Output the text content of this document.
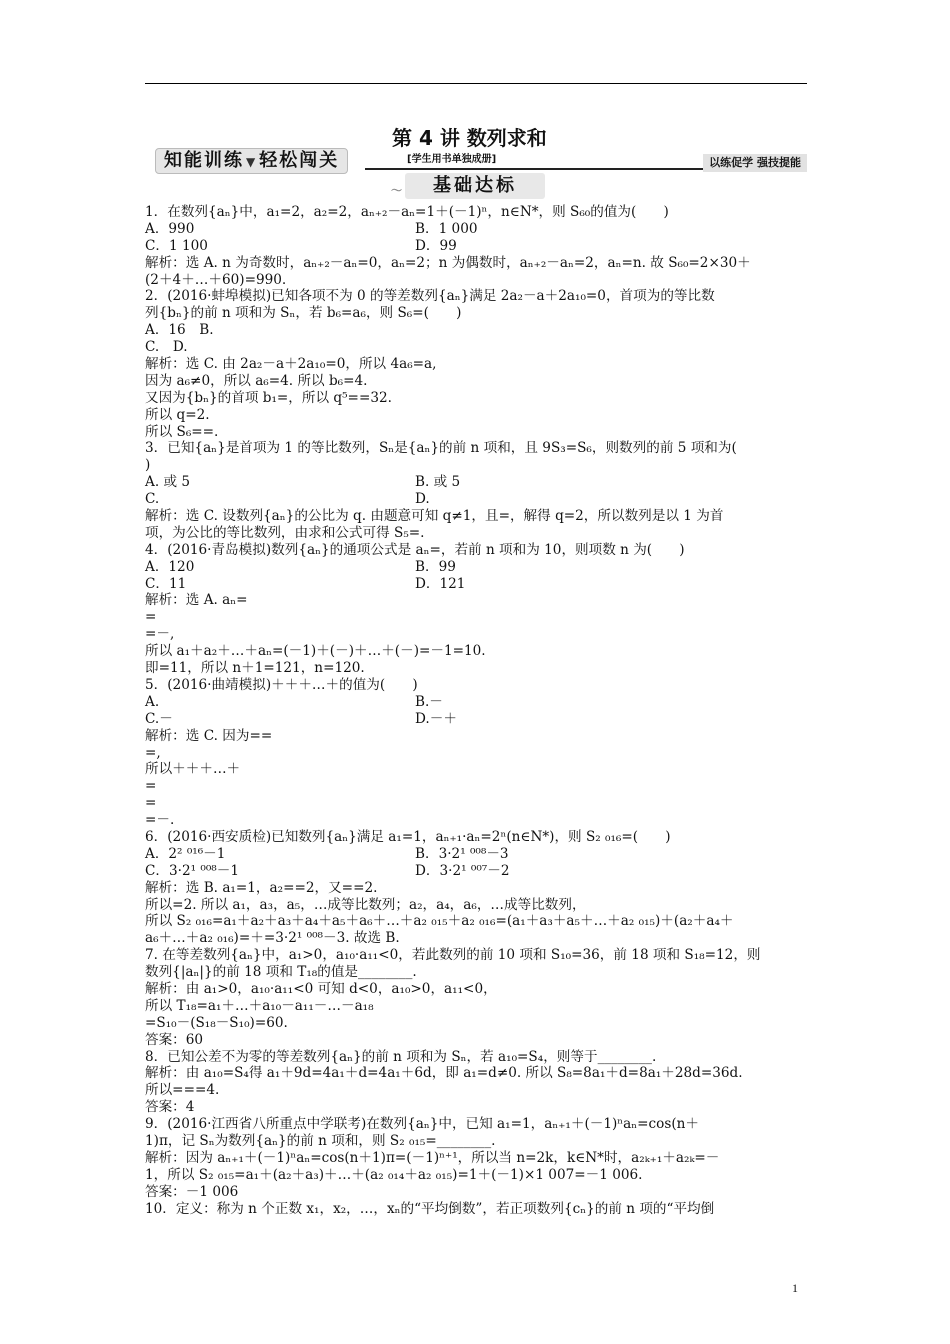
知能训练 ▼ 轻松闯关
第 4 讲 数列求和
[学生用书单独成册]	以练促学 强技提能
〜 基础达标
1．在数列{aₙ}中，a₁=2，a₂=2，aₙ₊₂－aₙ=1＋(－1)ⁿ，n∈N*，则 S₆₀的值为(　　)
A．990	B．1 000
C．1 100	D．99
解析：选 A. n 为奇数时，aₙ₊₂－aₙ=0，aₙ=2；n 为偶数时，aₙ₊₂－aₙ=2，aₙ=n. 故 S₆₀=2×30＋
(2＋4＋…＋60)=990.
2．(2016·蚌埠模拟)已知各项不为 0 的等差数列{aₙ}满足 2a₂－a＋2a₁₀=0，首项为的等比数
列{bₙ}的前 n 项和为 Sₙ，若 b₆=a₆，则 S₆=(　　)
A．16　B.
C.　D.
解析：选 C. 由 2a₂－a＋2a₁₀=0，所以 4a₆=a,
因为 a₆≠0，所以 a₆=4. 所以 b₆=4.
又因为{bₙ}的首项 b₁=，所以 q⁵==32.
所以 q=2.
所以 S₆==.
3．已知{aₙ}是首项为 1 的等比数列，Sₙ是{aₙ}的前 n 项和，且 9S₃=S₆，则数列的前 5 项和为(
)
A. 或 5	B. 或 5
C.	D.
解析：选 C. 设数列{aₙ}的公比为 q. 由题意可知 q≠1，且=，解得 q=2，所以数列是以 1 为首
项，为公比的等比数列，由求和公式可得 S₅=.
4．(2016·青岛模拟)数列{aₙ}的通项公式是 aₙ=，若前 n 项和为 10，则项数 n 为(　　)
A．120	B．99
C．11	D．121
解析：选 A. aₙ=
=
=－,
所以 a₁＋a₂＋…＋aₙ=(－1)＋(－)＋…＋(－)=－1=10.
即=11，所以 n＋1=121，n=120.
5．(2016·曲靖模拟)＋＋＋…＋的值为(　　)
A.	B.－
C.－	D.－＋
解析：选 C. 因为==
=,
所以＋＋＋…＋
=
=
=－.
6．(2016·西安质检)已知数列{aₙ}满足 a₁=1，aₙ₊₁·aₙ=2ⁿ(n∈N*)，则 S₂ ₀₁₆=(　　)
A．2² ⁰¹⁶－1	B．3·2¹ ⁰⁰⁸－3
C．3·2¹ ⁰⁰⁸－1	D．3·2¹ ⁰⁰⁷－2
解析：选 B. a₁=1，a₂==2，又==2.
所以=2. 所以 a₁，a₃，a₅，…成等比数列；a₂，a₄，a₆，…成等比数列，
所以 S₂ ₀₁₆=a₁＋a₂＋a₃＋a₄＋a₅＋a₆＋…＋a₂ ₀₁₅＋a₂ ₀₁₆=(a₁＋a₃＋a₅＋…＋a₂ ₀₁₅)＋(a₂＋a₄＋
a₆＋…＋a₂ ₀₁₆)=＋=3·2¹ ⁰⁰⁸－3. 故选 B.
7. 在等差数列{aₙ}中，a₁>0，a₁₀·a₁₁<0，若此数列的前 10 项和 S₁₀=36，前 18 项和 S₁₈=12，则
数列{|aₙ|}的前 18 项和 T₁₈的值是________.
解析：由 a₁>0，a₁₀·a₁₁<0 可知 d<0，a₁₀>0，a₁₁<0，
所以 T₁₈=a₁＋…＋a₁₀－a₁₁－…－a₁₈
=S₁₀－(S₁₈－S₁₀)=60.
答案：60
8．已知公差不为零的等差数列{aₙ}的前 n 项和为 Sₙ，若 a₁₀=S₄，则等于________.
解析：由 a₁₀=S₄得 a₁＋9d=4a₁＋d=4a₁＋6d，即 a₁=d≠0. 所以 S₈=8a₁＋d=8a₁＋28d=36d.
所以===4.
答案：4
9．(2016·江西省八所重点中学联考)在数列{aₙ}中，已知 a₁=1，aₙ₊₁＋(－1)ⁿaₙ=cos(n＋
1)π，记 Sₙ为数列{aₙ}的前 n 项和，则 S₂ ₀₁₅=________.
解析：因为 aₙ₊₁＋(－1)ⁿaₙ=cos(n＋1)π=(－1)ⁿ⁺¹，所以当 n=2k，k∈N*时，a₂ₖ₊₁＋a₂ₖ=－
1，所以 S₂ ₀₁₅=a₁＋(a₂＋a₃)＋…＋(a₂ ₀₁₄＋a₂ ₀₁₅)=1＋(－1)×1 007=－1 006.
答案：－1 006
10．定义：称为 n 个正数 x₁，x₂，…，xₙ的“平均倒数”，若正项数列{cₙ}的前 n 项的“平均倒
1
